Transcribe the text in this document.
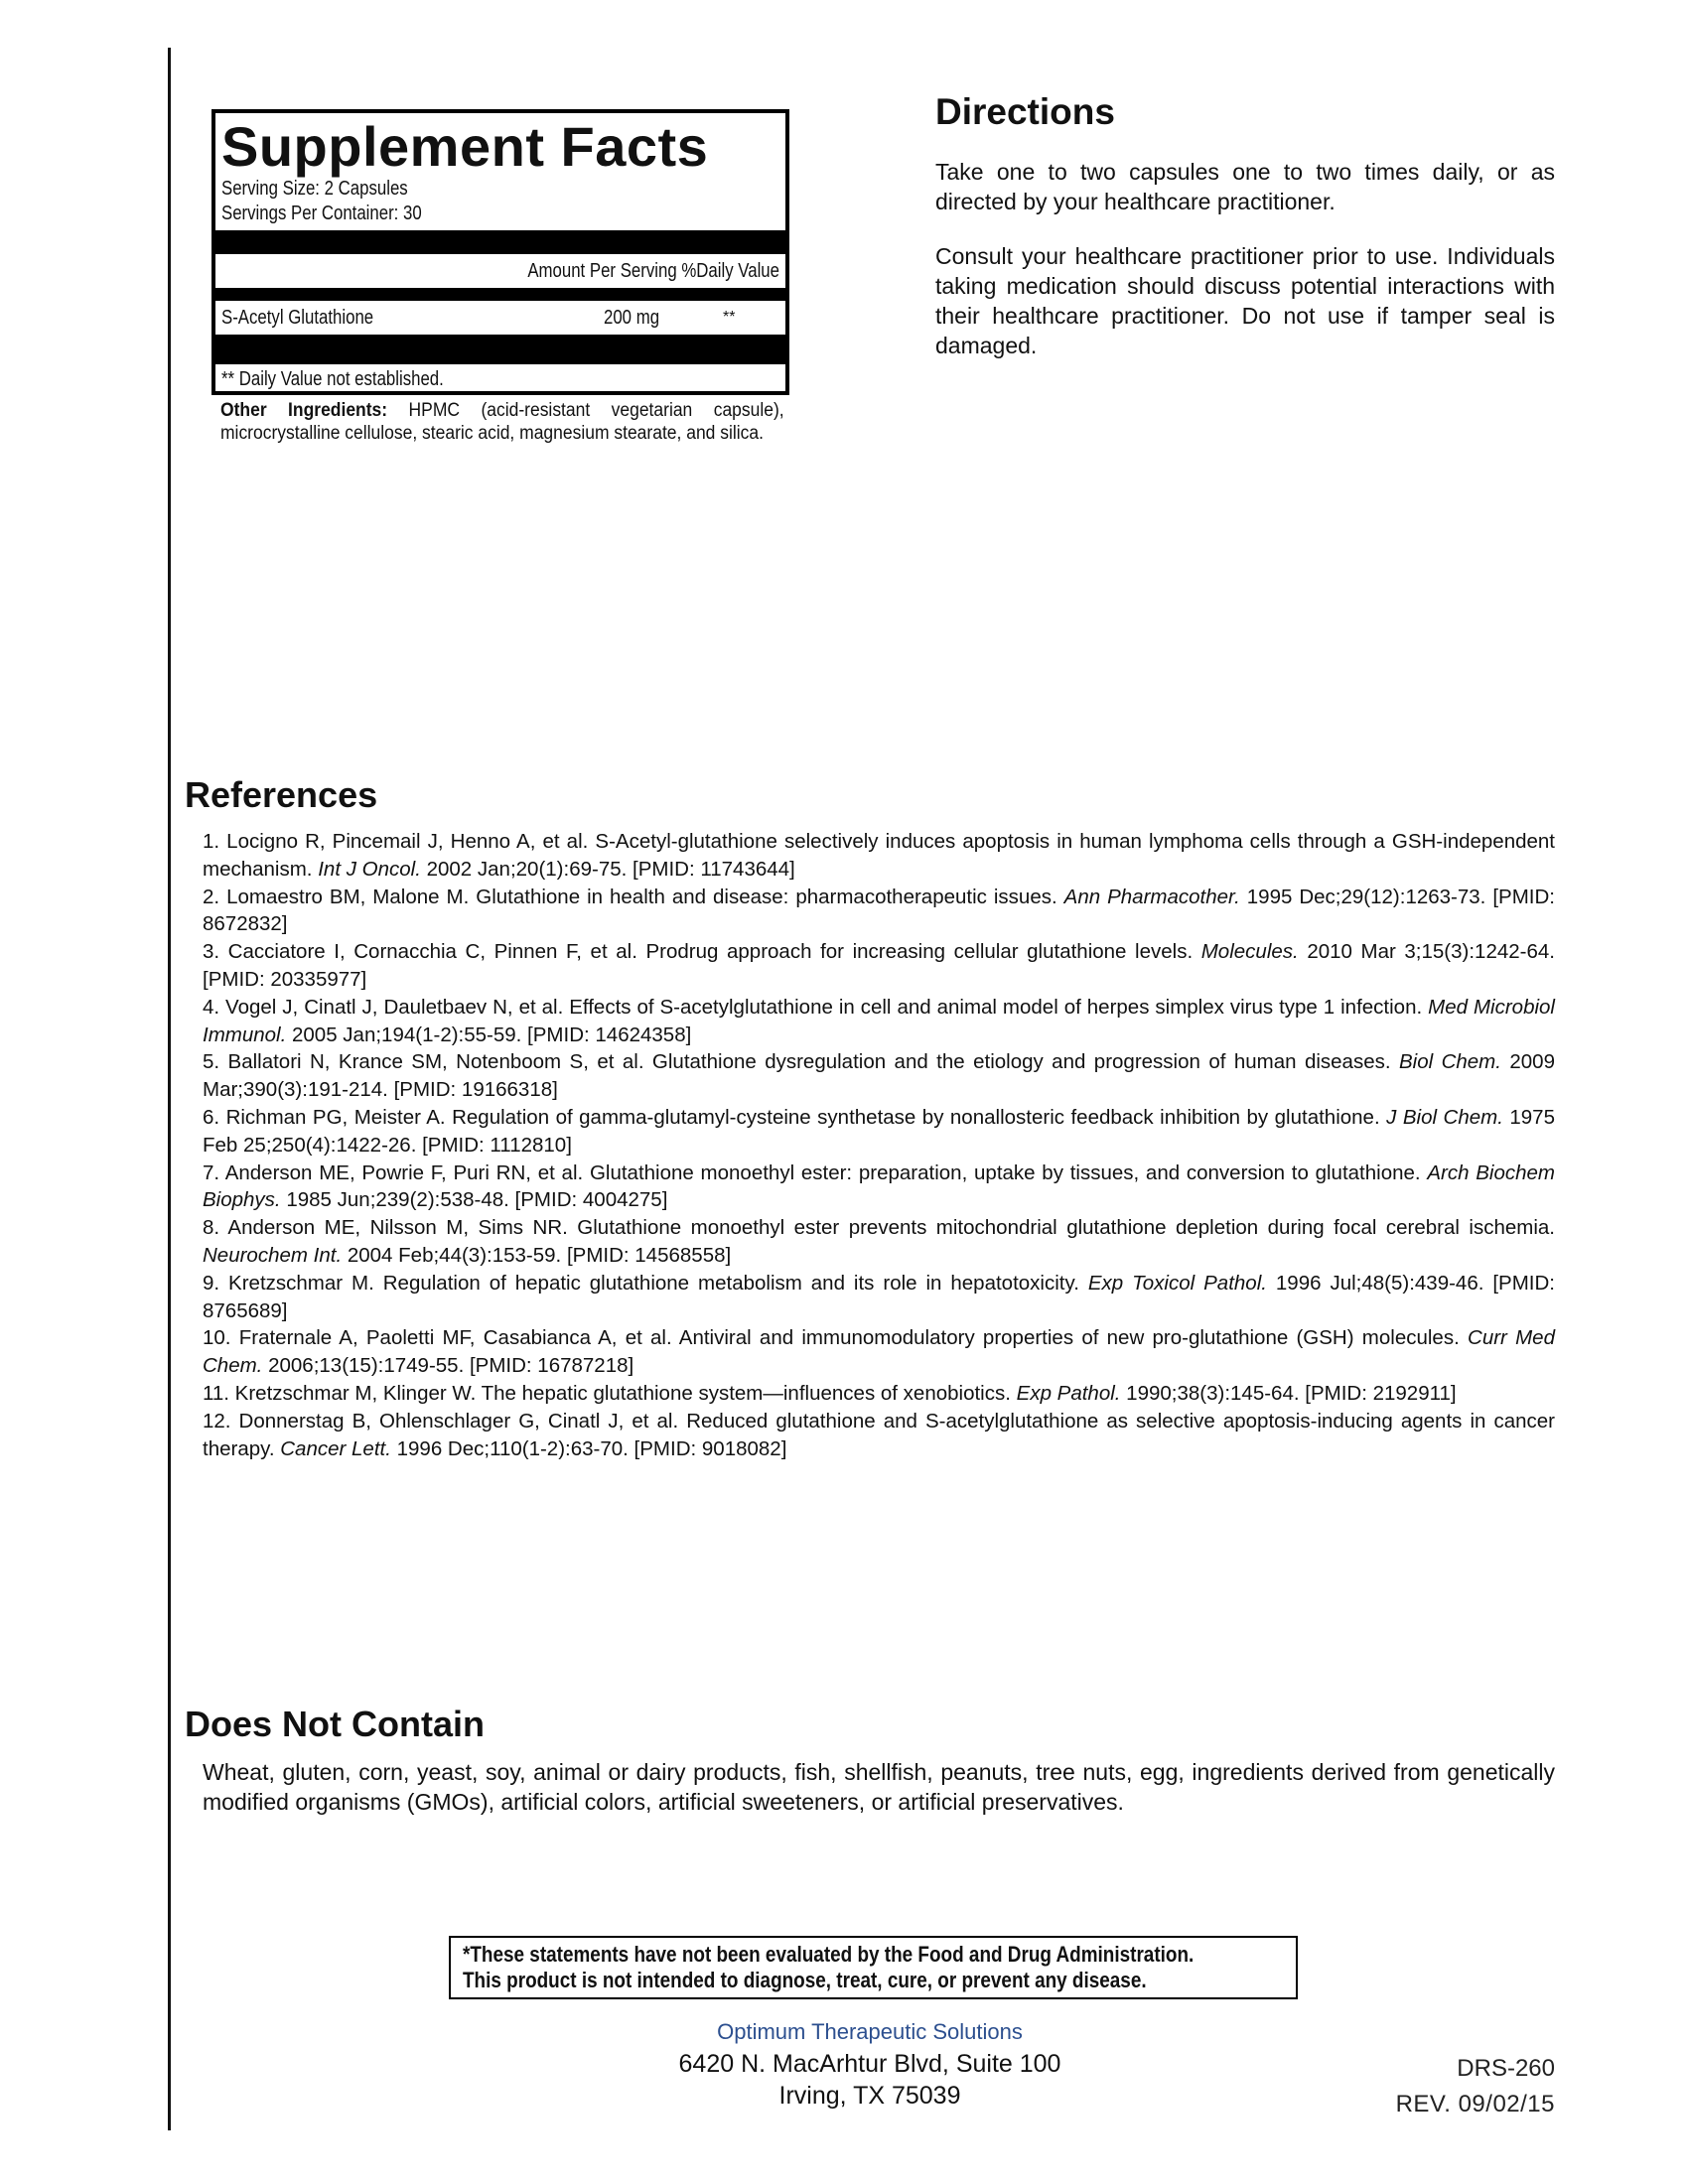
Supplement Facts
Serving Size: 2 Capsules
Servings Per Container: 30
Amount Per Serving %Daily Value
S-Acetyl Glutathione	200 mg	**
** Daily Value not established.
Other Ingredients: HPMC (acid-resistant vegetarian capsule), microcrystalline cellulose, stearic acid, magnesium stearate, and silica.
Directions
Take one to two capsules one to two times daily, or as directed by your healthcare practitioner.
Consult your healthcare practitioner prior to use. Individuals taking medication should discuss potential interactions with their healthcare practitioner. Do not use if tamper seal is damaged.
References
1. Locigno R, Pincemail J, Henno A, et al. S-Acetyl-glutathione selectively induces apoptosis in human lymphoma cells through a GSH-independent mechanism. Int J Oncol. 2002 Jan;20(1):69-75. [PMID: 11743644]
2. Lomaestro BM, Malone M. Glutathione in health and disease: pharmacotherapeutic issues. Ann Pharmacother. 1995 Dec;29(12):1263-73. [PMID: 8672832]
3. Cacciatore I, Cornacchia C, Pinnen F, et al. Prodrug approach for increasing cellular glutathione levels. Molecules. 2010 Mar 3;15(3):1242-64. [PMID: 20335977]
4. Vogel J, Cinatl J, Dauletbaev N, et al. Effects of S-acetylglutathione in cell and animal model of herpes simplex virus type 1 infection. Med Microbiol Immunol. 2005 Jan;194(1-2):55-59. [PMID: 14624358]
5. Ballatori N, Krance SM, Notenboom S, et al. Glutathione dysregulation and the etiology and progression of human diseases. Biol Chem. 2009 Mar;390(3):191-214. [PMID: 19166318]
6. Richman PG, Meister A. Regulation of gamma-glutamyl-cysteine synthetase by nonallosteric feedback inhibition by glutathione. J Biol Chem. 1975 Feb 25;250(4):1422-26. [PMID: 1112810]
7. Anderson ME, Powrie F, Puri RN, et al. Glutathione monoethyl ester: preparation, uptake by tissues, and conversion to glutathione. Arch Biochem Biophys. 1985 Jun;239(2):538-48. [PMID: 4004275]
8. Anderson ME, Nilsson M, Sims NR. Glutathione monoethyl ester prevents mitochondrial glutathione depletion during focal cerebral ischemia. Neurochem Int. 2004 Feb;44(3):153-59. [PMID: 14568558]
9. Kretzschmar M. Regulation of hepatic glutathione metabolism and its role in hepatotoxicity. Exp Toxicol Pathol. 1996 Jul;48(5):439-46. [PMID: 8765689]
10. Fraternale A, Paoletti MF, Casabianca A, et al. Antiviral and immunomodulatory properties of new pro-glutathione (GSH) molecules. Curr Med Chem. 2006;13(15):1749-55. [PMID: 16787218]
11. Kretzschmar M, Klinger W. The hepatic glutathione system—influences of xenobiotics. Exp Pathol. 1990;38(3):145-64. [PMID: 2192911]
12. Donnerstag B, Ohlenschlager G, Cinatl J, et al. Reduced glutathione and S-acetylglutathione as selective apoptosis-inducing agents in cancer therapy. Cancer Lett. 1996 Dec;110(1-2):63-70. [PMID: 9018082]
Does Not Contain
Wheat, gluten, corn, yeast, soy, animal or dairy products, fish, shellfish, peanuts, tree nuts, egg, ingredients derived from genetically modified organisms (GMOs), artificial colors, artificial sweeteners, or artificial preservatives.
*These statements have not been evaluated by the Food and Drug Administration.
This product is not intended to diagnose, treat, cure, or prevent any disease.
Optimum Therapeutic Solutions
6420 N. MacArhtur Blvd, Suite 100
Irving, TX 75039
DRS-260
REV. 09/02/15
